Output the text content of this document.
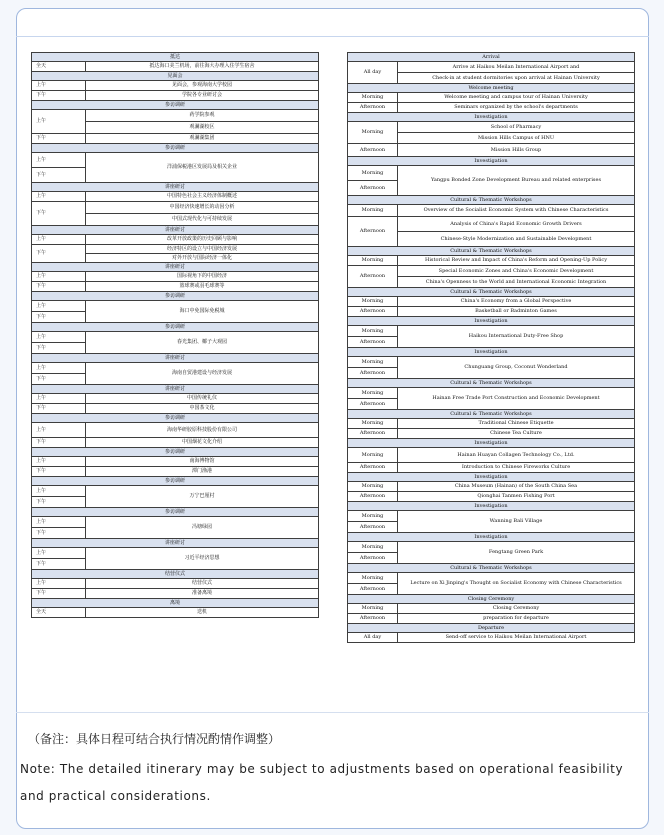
抵达	
全天	抵达海口美兰机场，前往海大办理入住学生宿舍
见面会	
上午	见面会，参观海南大学校园
下午	学院各专业研讨会
参访调研	
上午	药学院参观
	观澜湖校区
下午	观澜湖集团
参访调研	
上午	洋浦保税港区发展局及相关企业
下午	
讲座研讨	
上午	中国特色社会主义经济体制概述
下午	中国经济快速增长的动因分析
	中国式现代化与可持续发展
讲座研讨	
上午	改革开放政策的历史回顾与影响
下午	经济特区的设立与中国经济发展
	对外开放与国际经济一体化
讲座研讨	
上午	国际视角下的中国经济
下午	篮球赛或羽毛球赛等
参访调研	
上午	海口中免国际免税城
下午	
参访调研	
上午	春光集团、椰子大观园
下午	
讲座研讨	
上午	海南自贸港建设与经济发展
下午	
讲座研讨	
上午	中国传统礼仪
下午	中国茶文化
参访调研	
上午	海南华研胶原科技股份有限公司
下午	中国烟花文化介绍
参访调研	
上午	南海博物馆
下午	潭门渔港
参访调研	
上午	万宁巴厘村
下午	
参访调研	
上午	冯塘绿园
下午	
讲座研讨	
上午	习近平经济思想
下午	
结营仪式	
上午	结营仪式
下午	准备离境
离境	
全天	送机
Arrival	
All day	Arrive at Haikou Meilan International Airport and
	Check-in at student dormitories upon arrival at Hainan University
Welcome meeting	
Morning	Welcome meeting and campus tour of Hainan University
Afternoon	Seminars organized by the school's departments
Investigation	
Morning	School of Pharmacy
	Mission Hills Campus of HNU
Afternoon	Mission Hills Group
Investigation	
Morning	Yangpu Bonded Zone Development Bureau and related enterprises
Afternoon	
Cultural & Thematic Workshops	
Morning	Overview of the Socialist Economic System with Chinese Characteristics
Afternoon	Analysis of China's Rapid Economic Growth Drivers
	Chinese-Style Modernization and Sustainable Development
Cultural & Thematic Workshops	
Morning	Historical Review and Impact of China's Reform and Opening-Up Policy
Afternoon	Special Economic Zones and China's Economic Development
	China's Openness to the World and International Economic Integration
Cultural & Thematic Workshops	
Morning	China's Economy from a Global Perspective
Afternoon	Basketball or Badminton Games
Investigation	
Morning	Haikou International Duty-Free Shop
Afternoon	
Investigation	
Morning	Chunguang Group, Coconut Wonderland
Afternoon	
Cultural & Thematic Workshops	
Morning	Hainan Free Trade Port Construction and Economic Development
Afternoon	
Cultural & Thematic Workshops	
Morning	Traditional Chinese Etiquette
Afternoon	Chinese Tea Culture
Investigation	
Morning	Hainan Huayan Collagen Technology Co., Ltd.
Afternoon	Introduction to Chinese Fireworks Culture
Investigation	
Morning	China Museum (Hainan) of the South China Sea
Afternoon	Qionghai Tanmen Fishing Port
Investigation	
Morning	Wanning Bali Village
Afternoon	
Investigation	
Morning	Fengtang Green Park
Afternoon	
Cultural & Thematic Workshops	
Morning	Lecture on Xi Jinping's Thought on Socialist Economy with Chinese Characteristics
Afternoon	
Closing Ceremony	
Morning	Closing Ceremony
Afternoon	preparation for departure
Departure	
All day	Send-off service to Haikou Meilan International Airport
（备注：具体日程可结合执行情况酌情作调整）
Note: The detailed itinerary may be subject to adjustments based on operational feasibility and practical considerations.
